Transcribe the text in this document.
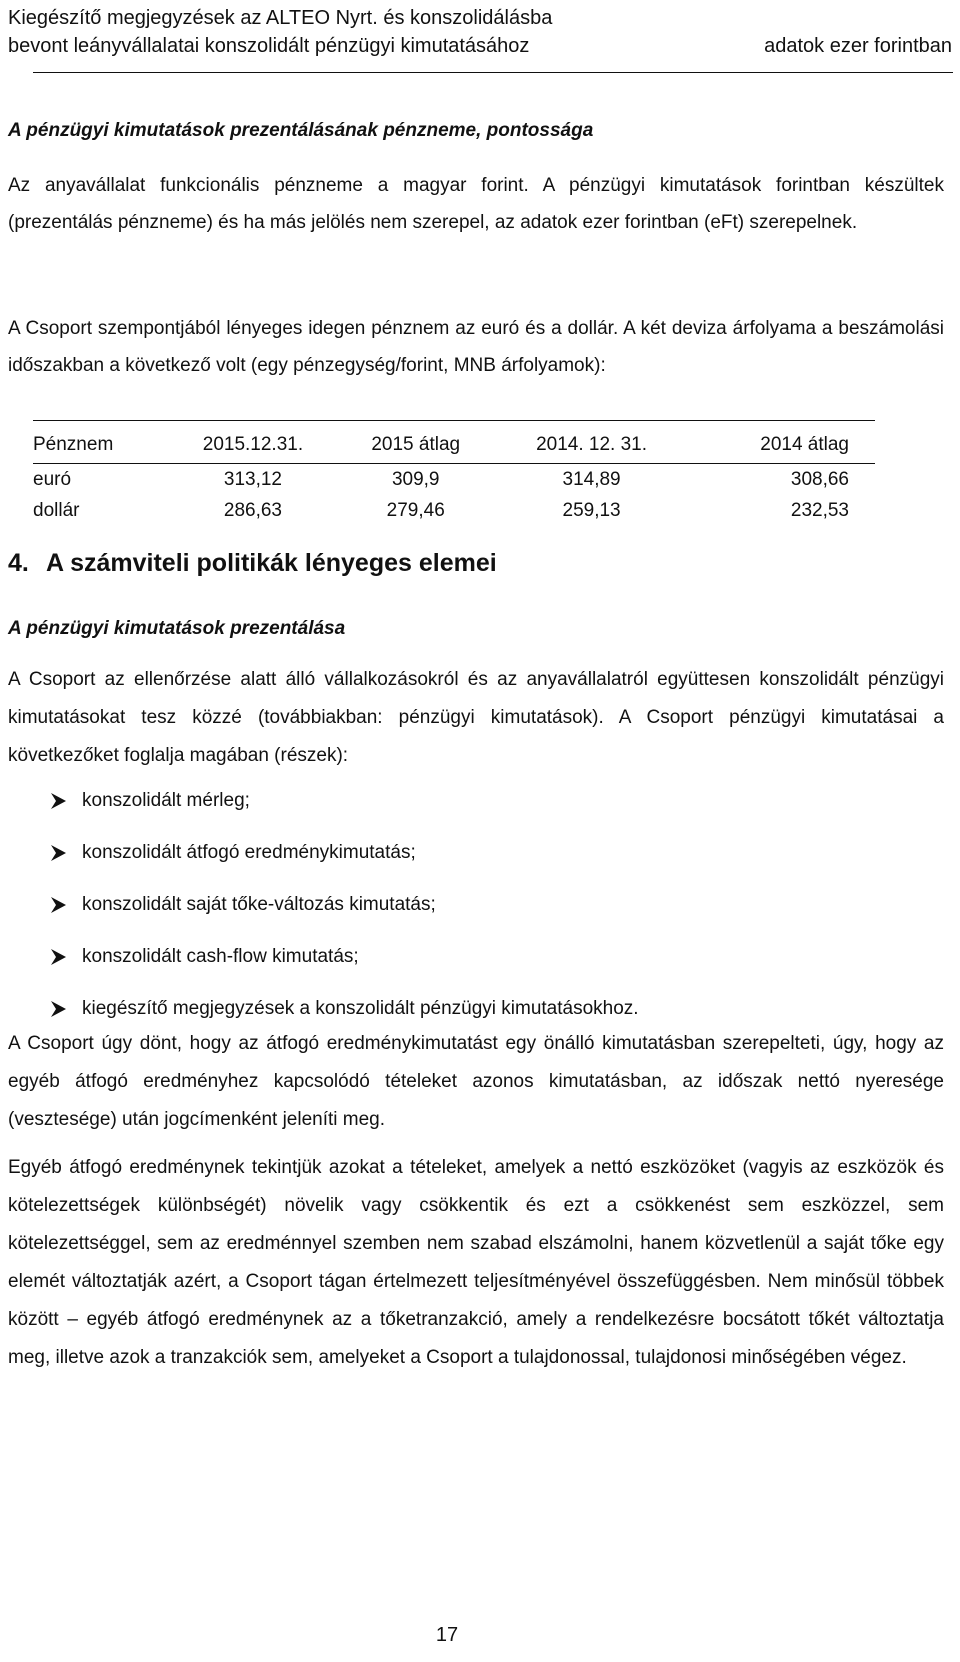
Kiegészítő megjegyzések az ALTEO Nyrt. és konszolidálásba
bevont leányvállalatai konszolidált pénzügyi kimutatásához	adatok ezer forintban
A pénzügyi kimutatások prezentálásának pénzneme, pontossága
Az anyavállalat funkcionális pénzneme a magyar forint. A pénzügyi kimutatások forintban készültek (prezentálás pénzneme) és ha más jelölés nem szerepel, az adatok ezer forintban (eFt) szerepelnek.
A Csoport szempontjából lényeges idegen pénznem az euró és a dollár. A két deviza árfolyama a beszámolási időszakban a következő volt (egy pénzegység/forint, MNB árfolyamok):
Pénznem	2015.12.31.	2015 átlag	2014. 12. 31.	2014 átlag
euró	313,12	309,9	314,89	308,66
dollár	286,63	279,46	259,13	232,53
4. A számviteli politikák lényeges elemei
A pénzügyi kimutatások prezentálása
A Csoport az ellenőrzése alatt álló vállalkozásokról és az anyavállalatról együttesen konszolidált pénzügyi kimutatásokat tesz közzé (továbbiakban: pénzügyi kimutatások). A Csoport pénzügyi kimutatásai a következőket foglalja magában (részek):
konszolidált mérleg;
konszolidált átfogó eredménykimutatás;
konszolidált saját tőke-változás kimutatás;
konszolidált cash-flow kimutatás;
kiegészítő megjegyzések a konszolidált pénzügyi kimutatásokhoz.
A Csoport úgy dönt, hogy az átfogó eredménykimutatást egy önálló kimutatásban szerepelteti, úgy, hogy az egyéb átfogó eredményhez kapcsolódó tételeket azonos kimutatásban, az időszak nettó nyeresége (vesztesége) után jogcímenként jeleníti meg.
Egyéb átfogó eredménynek tekintjük azokat a tételeket, amelyek a nettó eszközöket (vagyis az eszközök és kötelezettségek különbségét) növelik vagy csökkentik és ezt a csökkenést sem eszközzel, sem kötelezettséggel, sem az eredménnyel szemben nem szabad elszámolni, hanem közvetlenül a saját tőke egy elemét változtatják azért, a Csoport tágan értelmezett teljesítményével összefüggésben. Nem minősül többek között – egyéb átfogó eredménynek az a tőketranzakció, amely a rendelkezésre bocsátott tőkét változtatja meg, illetve azok a tranzakciók sem, amelyeket a Csoport a tulajdonossal, tulajdonosi minőségében végez.
17
